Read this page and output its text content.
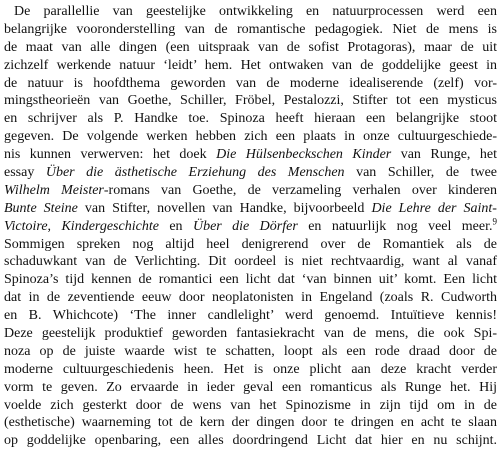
De parallellie van geestelijke ontwikkeling en natuurprocessen werd een
belangrijke vooronderstelling van de romantische pedagogiek. Niet de mens is
de maat van alle dingen (een uitspraak van de sofist Protagoras), maar de uit
zichzelf werkende natuur ‘leidt’ hem. Het ontwaken van de goddelijke geest in
de natuur is hoofdthema geworden van de moderne idealiserende (zelf) vor-
mingstheorieën van Goethe, Schiller, Fröbel, Pestalozzi, Stifter tot een mysticus
en schrijver als P. Handke toe. Spinoza heeft hieraan een belangrijke stoot
gegeven. De volgende werken hebben zich een plaats in onze cultuurgeschiede-
nis kunnen verwerven: het doek Die Hülsenbeckschen Kinder van Runge, het
essay Über die ästhetische Erziehung des Menschen van Schiller, de twee
Wilhelm Meister-romans van Goethe, de verzameling verhalen over kinderen
Bunte Steine van Stifter, novellen van Handke, bijvoorbeeld Die Lehre der Saint-
Victoire, Kindergeschichte en Über die Dörfer en natuurlijk nog veel meer.$^9$
Sommigen spreken nog altijd heel denigrerend over de Romantiek als de
schaduwkant van de Verlichting. Dit oordeel is niet rechtvaardig, want al vanaf
Spinoza’s tijd kennen de romantici een licht dat ‘van binnen uit’ komt. Een licht
dat in de zeventiende eeuw door neoplatonisten in Engeland (zoals R. Cudworth
en B. Whichcote) ‘The inner candlelight’ werd genoemd. Intuïtieve kennis!
Deze geestelijk produktief geworden fantasiekracht van de mens, die ook Spi-
noza op de juiste waarde wist te schatten, loopt als een rode draad door de
moderne cultuurgeschiedenis heen. Het is onze plicht aan deze kracht verder
vorm te geven. Zo ervaarde in ieder geval een romanticus als Runge het. Hij
voelde zich gesterkt door de wens van het Spinozisme in zijn tijd om in de
(esthetische) waarneming tot de kern der dingen door te dringen en acht te slaan
op goddelijke openbaring, een alles doordringend Licht dat hier en nu schijnt.
